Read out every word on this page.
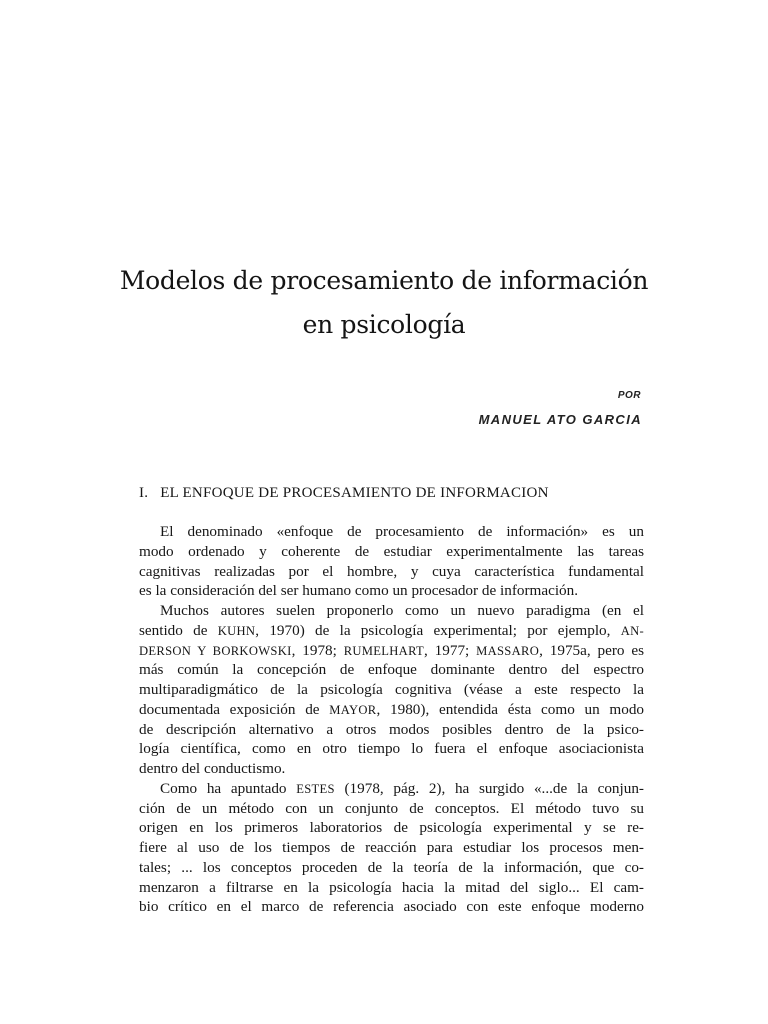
Modelos de procesamiento de información
en psicología
POR
MANUEL ATO GARCIA
I. EL ENFOQUE DE PROCESAMIENTO DE INFORMACION
El denominado «enfoque de procesamiento de información» es un
modo ordenado y coherente de estudiar experimentalmente las tareas
cagnitivas realizadas por el hombre, y cuya característica fundamental
es la consideración del ser humano como un procesador de información.
Muchos autores suelen proponerlo como un nuevo paradigma (en el
sentido de KUHN, 1970) de la psicología experimental; por ejemplo, AN-
DERSON Y BORKOWSKI, 1978; RUMELHART, 1977; MASSARO, 1975a, pero es
más común la concepción de enfoque dominante dentro del espectro
multiparadigmático de la psicología cognitiva (véase a este respecto la
documentada exposición de MAYOR, 1980), entendida ésta como un modo
de descripción alternativo a otros modos posibles dentro de la psico-
logía científica, como en otro tiempo lo fuera el enfoque asociacionista
dentro del conductismo.
Como ha apuntado ESTES (1978, pág. 2), ha surgido «...de la conjun-
ción de un método con un conjunto de conceptos. El método tuvo su
origen en los primeros laboratorios de psicología experimental y se re-
fiere al uso de los tiempos de reacción para estudiar los procesos men-
tales; ... los conceptos proceden de la teoría de la información, que co-
menzaron a filtrarse en la psicología hacia la mitad del siglo... El cam-
bio crítico en el marco de referencia asociado con este enfoque moderno
